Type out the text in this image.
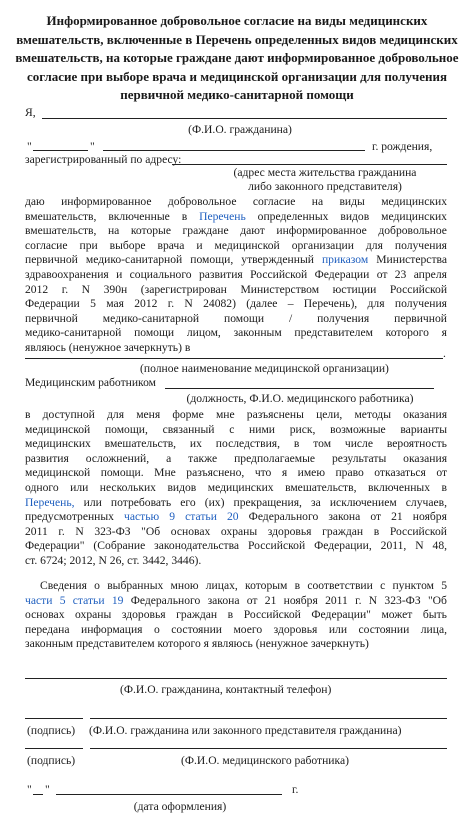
Информированное добровольное согласие на виды медицинских вмешательств, включенные в Перечень определенных видов медицинских вмешательств, на которые граждане дают информированное добровольное согласие при выборе врача и медицинской организации для получения первичной медико-санитарной помощи
Я,
(Ф.И.О. гражданина)
"	"	г. рождения,
зарегистрированный по адресу:
(адрес места жительства гражданина
либо законного представителя)
даю информированное добровольное согласие на виды медицинских
вмешательств, включенные в Перечень определенных видов медицинских
вмешательств, на которые граждане дают информированное добровольное
согласие при выборе врача и медицинской организации для получения
первичной медико-санитарной помощи, утвержденный приказом Министерства
здравоохранения и социального развития Российской Федерации от 23 апреля
2012 г. N 390н (зарегистрирован Министерством юстиции Российской
Федерации 5 мая 2012 г. N 24082) (далее – Перечень), для получения
первичной медико-санитарной помощи / получения первичной
медико-санитарной помощи лицом, законным представителем которого я
являюсь (ненужное зачеркнуть) в	.
(полное наименование медицинской организации)
Медицинским работником
(должность, Ф.И.О. медицинского работника)
в доступной для меня форме мне разъяснены цели, методы оказания
медицинской помощи, связанный с ними риск, возможные варианты
медицинских вмешательств, их последствия, в том числе вероятность
развития осложнений, а также предполагаемые результаты оказания
медицинской помощи. Мне разъяснено, что я имею право отказаться от
одного или нескольких видов медицинских вмешательств, включенных в
Перечень, или потребовать его (их) прекращения, за исключением случаев,
предусмотренных частью 9 статьи 20 Федерального закона от 21 ноября
2011 г. N 323-ФЗ "Об основах охраны здоровья граждан в Российской
Федерации" (Собрание законодательства Российской Федерации, 2011, N 48,
ст. 6724; 2012, N 26, ст. 3442, 3446).
Сведения о выбранных мною лицах, которым в соответствии с пунктом 5
части 5 статьи 19 Федерального закона от 21 ноября 2011 г. N 323-ФЗ "Об
основах охраны здоровья граждан в Российской Федерации" может быть
передана информация о состоянии моего здоровья или состоянии лица,
законным представителем которого я являюсь (ненужное зачеркнуть)
(Ф.И.О. гражданина, контактный телефон)
(подпись) (Ф.И.О. гражданина или законного представителя гражданина)
(подпись)	(Ф.И.О. медицинского работника)
" "	г.
(дата оформления)
